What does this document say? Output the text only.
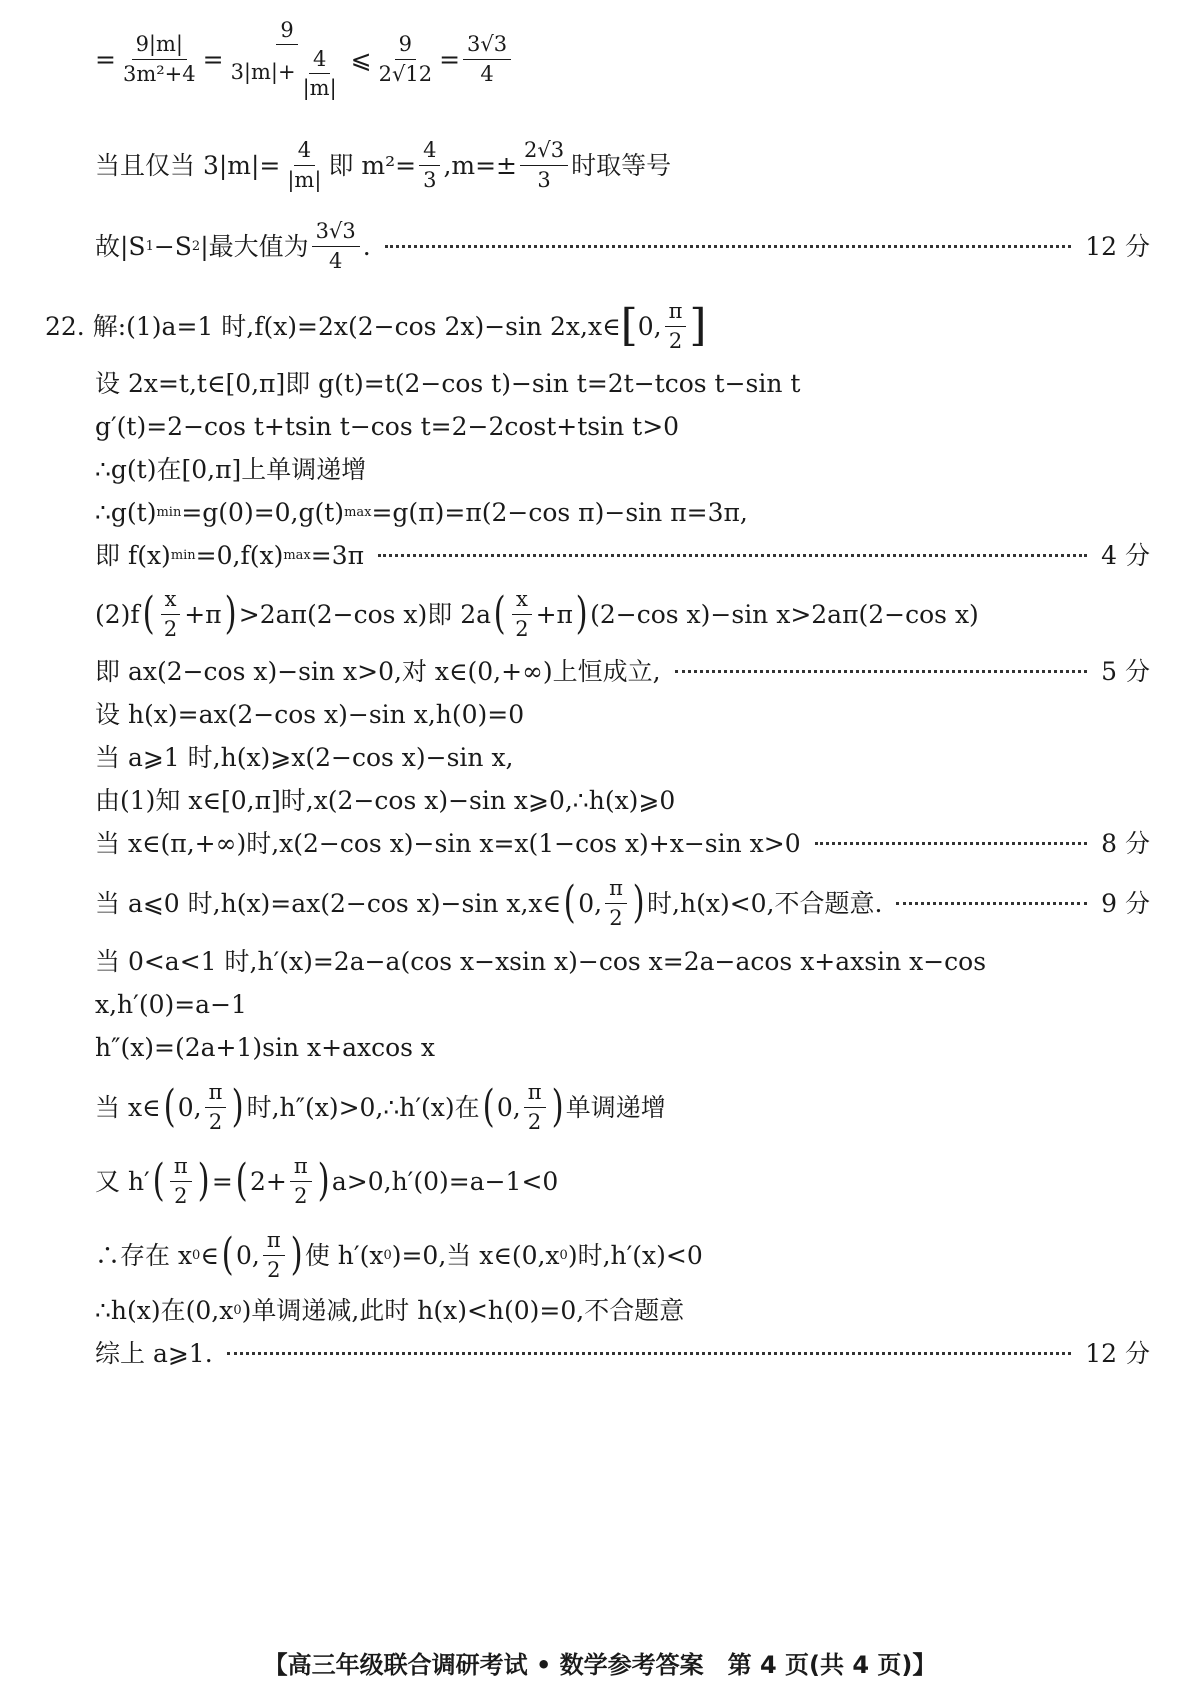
= $\frac{9|m|}{\text{3m²+4}} = \frac{9}{3|m|+ \frac{4}{|m|}}$ ⩽ $\frac{9}{2√12} = \frac{3√3}{4}$
当且仅当 $3|m|= \frac{4}{|m|}$ 即 $m^2= \frac{4}{3} ,m=\pm \frac{2√3}{3}$ 时取等号
故|S 1 −S 2 |最大值为 $\frac{3√3}{4}$ .	12 分
22. 解:(1)a=1 时,f(x)=2x(2−cos 2x)−sin 2x,x∈ [ 0, $\frac{\pi}{2}$ ]
设 2x=t,t∈[0,π]即 g(t)=t(2−cos t)−sin t=2t−tcos t−sin t
g′(t)=2−cos t+tsin t−cos t=2−2cost+tsin t>0
∴g(t)在[0,π]上单调递增
∴g(t) min =g(0)=0,g(t) max =g(π)=π(2−cos π)−sin π=3π,
即 f(x) min =0,f(x) max =3π	4 分
(2)f ( $\frac{x}{2} +\pi$ ) >2aπ(2−cos x)即 2a ( $\frac{x}{2} +\pi$ ) (2−cos x)−sin x>2aπ(2−cos x)
即 ax(2−cos x)−sin x>0,对 x∈(0,+∞)上恒成立,	5 分
设 h(x)=ax(2−cos x)−sin x,h(0)=0
当 a⩾1 时,h(x)⩾x(2−cos x)−sin x,
由(1)知 x∈[0,π]时,x(2−cos x)−sin x⩾0,∴h(x)⩾0
当 x∈(π,+∞)时,x(2−cos x)−sin x=x(1−cos x)+x−sin x>0	8 分
当 a⩽0 时,h(x)=ax(2−cos x)−sin x,x∈ ( 0, $\frac{\pi}{2}$ ) 时,h(x)<0,不合题意.	9 分
当 0<a<1 时,h′(x)=2a−a(cos x−xsin x)−cos x=2a−acos x+axsin x−cos
x,h′(0)=a−1
h″(x)=(2a+1)sin x+axcos x
当 x∈ ( 0, $\frac{\pi}{2}$ ) 时,h″(x)>0,∴h′(x)在 ( 0, $\frac{\pi}{2}$ ) 单调递增
又 h′ ( $\frac{\pi}{2}$ ) = ( $2+ \frac{\pi}{2}$ ) a>0,h′(0)=a−1<0
∴存在 x 0 ∈ ( 0, $\frac{\pi}{2}$ ) 使 h′(x 0 )=0,当 x∈(0,x 0 )时,h′(x)<0
∴h(x)在(0,x 0 )单调递减,此时 h(x)<h(0)=0,不合题意
综上 a⩾1.	12 分
【高三年级联合调研考试 • 数学参考答案　第 4 页(共 4 页)】
